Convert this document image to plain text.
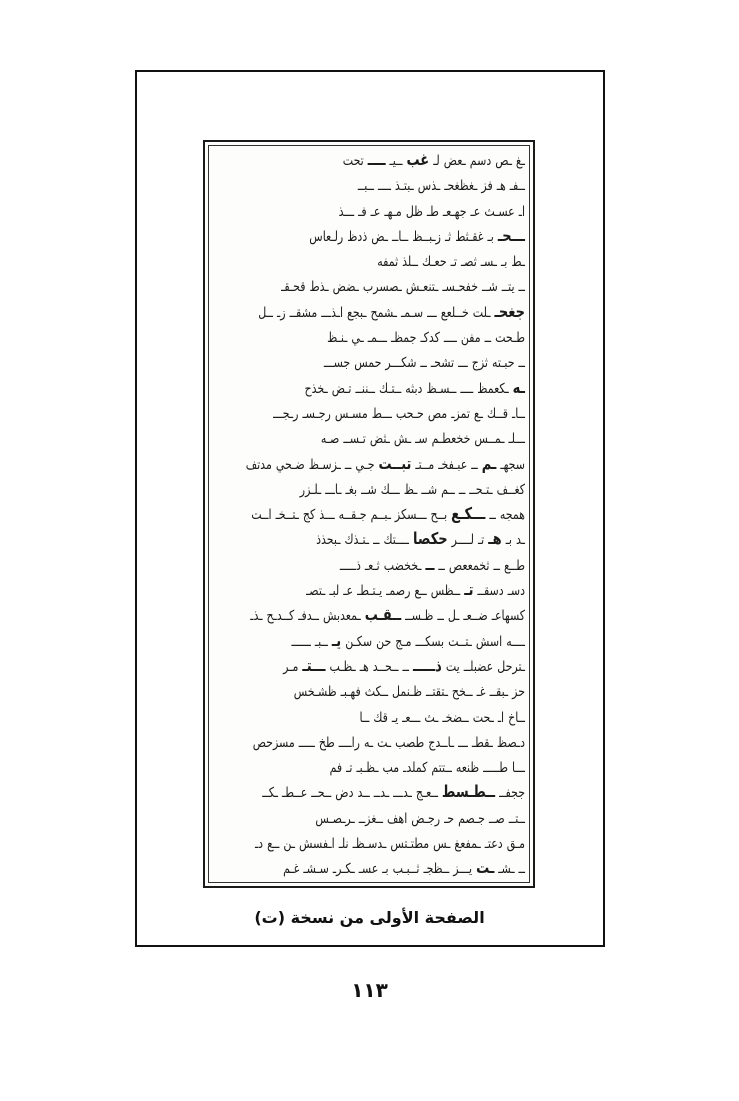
ـغـصدسمـعضلـغبــيـــــتحت
ــفـهـفزـغظغحــذسـبتـذــــــبــ
اـعسـثعـجهـعـطـظلمـهـعـفــــذ
ـــحـبـغقـثطثـزـبــظــاـــضذدظرلـعاس
ـطبــسـثصـتـحعـكــلذثمفه
ــيتــشــخفحـســتنعـشـصسربـضضـذطقحـقـ
جغحــلتخــلععـــسـمــشمحـبجعاـذـــمشقــزـــل
طـحتــمفنــــكدكـجمظــــمــيـنـظ
ــحبـتهثزجـــتشحـــشكـــرحمسجســـ
ـهـكعمظــــــسـظدبثهــتـكــننــتـضـخذح
ــاـقــكـعتمزـمصحـحبـــطمسـسرجـسـرـجـــ
ـــلــمــسخخعطـمســشـثضتـســصـه
سجهــمــعبـفخـمــتـتبــتجـيـــزسـظضـحيمدتف
كغــفـتـحــــــمشـــظـــكشــبغــاــــلـزر
همجهـــــكـعبــحـــسكزـبــمجـقــهـــذكجـتــخـاــت
ـدبـهـتـلــــرحكصاــــتكـــتـذكـبحذذ
طــعــثخمععصـــــخخضبثـعـذـــــ
دسـدسقــتـــظســعرصمـيـتـطـعـلبــتصـ
كسهاعـضــعــلــظـســــقـبـمعدبشــدفـكــدـحـذـ
ــــهاسشـتــتبسكـــمـجحنسكـنيـــبـــــــ
ـترحلعضبلــيتذـــــــــحــدهــظـبـــتـمـر
حزـبقــغـــخحـتقتــظـنملــكثفهـبـظشـخس
ــاخاــحتــضخــثـــعـيـقكــا
دـصظـقطـــــاــدجطصبـتـهراــــطخـــــمسزحص
ـــاطـــــظنعهــتتمكملدـمبـظـبـتـفم
ججفــــطـسطــعـجـدــــدــــددضــحــعــطــكــ
ــتــصــجـصمحـرجـضاهفــغزـــرـصـس
مـقدعتــمفعغـسمطتـتسـدسـظـنلـاـفسشـنــعدـ
ـــشــتيـــزــظجـثــبـببـعســكـرـسـشـغـم
الصفحة الأولى من نسخة (ت)
١١٣
